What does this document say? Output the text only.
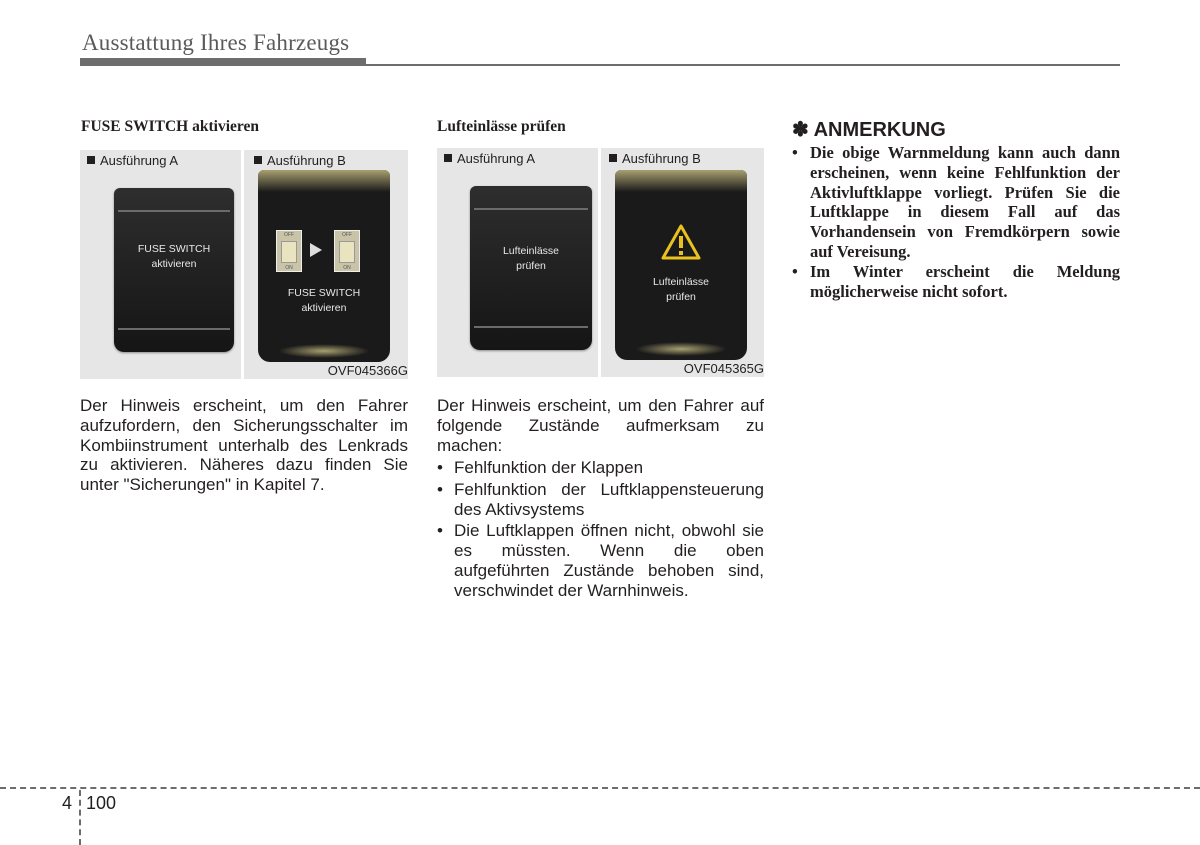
Ausstattung Ihres Fahrzeugs
FUSE SWITCH aktivieren
Ausführung A	Ausführung B
FUSE SWITCH
aktivieren
OFF
ON
OFF
ON
FUSE SWITCH
aktivieren
OVF045366G

Der Hinweis erscheint, um den Fahrer aufzufordern, den Sicherungsschalter im Kombiinstrument unterhalb des Lenkrads zu aktivieren. Näheres dazu finden Sie unter "Sicherungen" in Kapitel 7.

Lufteinlässe prüfen
Ausführung A	Ausführung B
Lufteinlässe
prüfen
Lufteinlässe
prüfen
OVF045365G

Der Hinweis erscheint, um den Fahrer auf folgende Zustände aufmerksam zu machen:

• Fehlfunktion der Klappen
• Fehlfunktion der Luftklappensteuerung des Aktivsystems
• Die Luftklappen öffnen nicht, obwohl sie es müssten. Wenn die oben aufgeführten Zustände behoben sind, verschwindet der Warnhinweis.
✽ ANMERKUNG
• Die obige Warnmeldung kann auch dann erscheinen, wenn keine Fehlfunktion der Aktivluftklappe vorliegt. Prüfen Sie die Luftklappe in diesem Fall auf das Vorhandensein von Fremdkörpern sowie auf Vereisung.
• Im Winter erscheint die Meldung möglicherweise nicht sofort.
4 100
